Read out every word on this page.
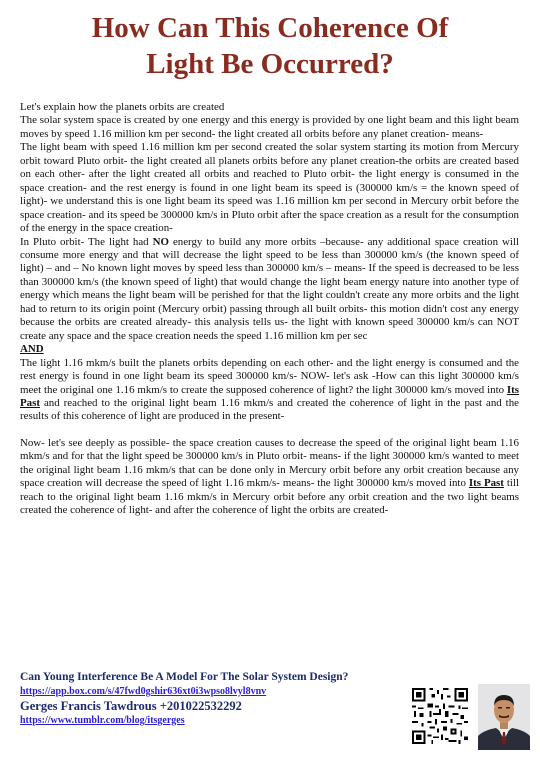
How Can This Coherence Of
Light Be Occurred?

Let's explain how the planets orbits are created

The solar system space is created by one energy and this energy is provided by one light beam and this light beam moves by speed 1.16 million km per second- the light created all orbits before any planet creation- means-

The light beam with speed 1.16 million km per second created the solar system starting its motion from Mercury orbit toward Pluto orbit- the light created all planets orbits before any planet creation-the orbits are created based on each other- after the light created all orbits and reached to Pluto orbit- the light energy is consumed in the space creation- and the rest energy is found in one light beam its speed is (300000 km/s = the known speed of light)- we understand this is one light beam its speed was 1.16 million km per second in Mercury orbit before the space creation- and its speed be 300000 km/s in Pluto orbit after the space creation as a result for the consumption of the energy in the space creation-

In Pluto orbit- The light had NO energy to build any more orbits –because- any additional space creation will consume more energy and that will decrease the light speed to be less than 300000 km/s (the known speed of light) – and – No known light moves by speed less than 300000 km/s – means- If the speed is decreased to be less than 300000 km/s (the known speed of light) that would change the light beam energy nature into another type of energy which means the light beam will be perished for that the light couldn't create any more orbits and the light had to return to its origin point (Mercury orbit) passing through all built orbits- this motion didn't cost any energy because the orbits are created already- this analysis tells us- the light with known speed 300000 km/s can NOT create any space and the space creation needs the speed 1.16 million km per sec

AND

The light 1.16 mkm/s built the planets orbits depending on each other- and the light energy is consumed and the rest energy is found in one light beam its speed 300000 km/s- NOW- let's ask -How can this light 300000 km/s meet the original one 1.16 mkm/s to create the supposed coherence of light? the light 300000 km/s moved into Its Past and reached to the original light beam 1.16 mkm/s and created the coherence of light in the past and the results of this coherence of light are produced in the present-

Now- let's see deeply as possible- the space creation causes to decrease the speed of the original light beam 1.16 mkm/s and for that the light speed be 300000 km/s in Pluto orbit- means- if the light 300000 km/s wanted to meet the original light beam 1.16 mkm/s that can be done only in Mercury orbit before any orbit creation because any space creation will decrease the speed of light 1.16 mkm/s- means- the light 300000 km/s moved into Its Past till reach to the original light beam 1.16 mkm/s in Mercury orbit before any orbit creation and the two light beams created the coherence of light- and after the coherence of light the orbits are created-

Can Young Interference Be A Model For The Solar System Design?
https://app.box.com/s/47fwd0gshir636xt0i3wpso8lvyl8vnv
Gerges Francis Tawdrous +201022532292
https://www.tumblr.com/blog/itsgerges
